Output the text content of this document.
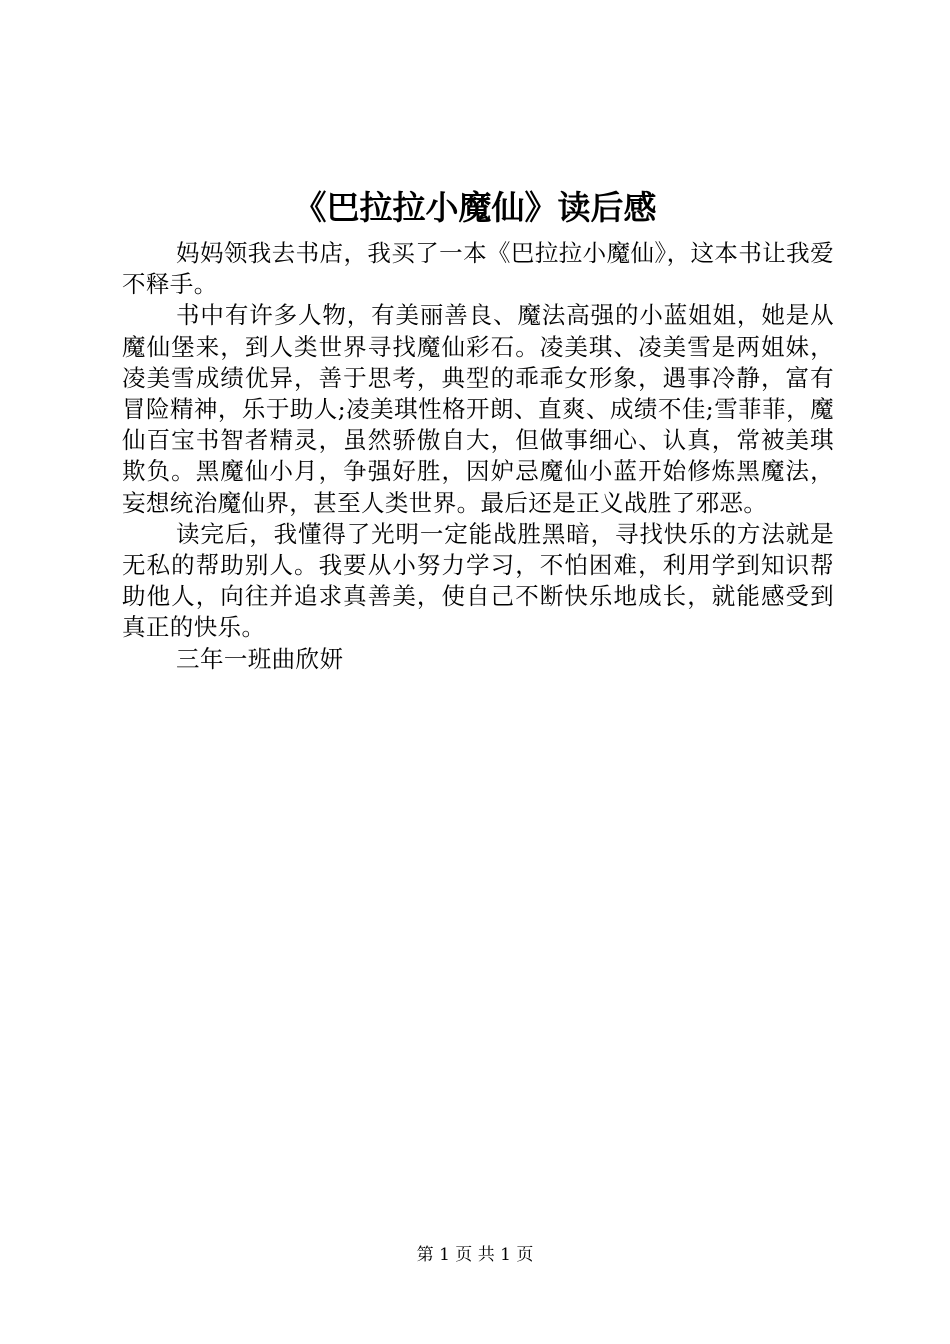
《巴拉拉小魔仙》读后感

妈妈领我去书店，我买了一本《巴拉拉小魔仙》，这本书让我爱不释手。

书中有许多人物，有美丽善良、魔法高强的小蓝姐姐，她是从魔仙堡来，到人类世界寻找魔仙彩石。凌美琪、凌美雪是两姐妹，凌美雪成绩优异，善于思考，典型的乖乖女形象，遇事冷静，富有冒险精神，乐于助人;凌美琪性格开朗、直爽、成绩不佳;雪菲菲，魔仙百宝书智者精灵，虽然骄傲自大，但做事细心、认真，常被美琪欺负。黑魔仙小月，争强好胜，因妒忌魔仙小蓝开始修炼黑魔法，妄想统治魔仙界，甚至人类世界。最后还是正义战胜了邪恶。

读完后，我懂得了光明一定能战胜黑暗，寻找快乐的方法就是无私的帮助别人。我要从小努力学习，不怕困难，利用学到知识帮助他人，向往并追求真善美，使自己不断快乐地成长，就能感受到真正的快乐。

三年一班曲欣妍

第 1 页 共 1 页
